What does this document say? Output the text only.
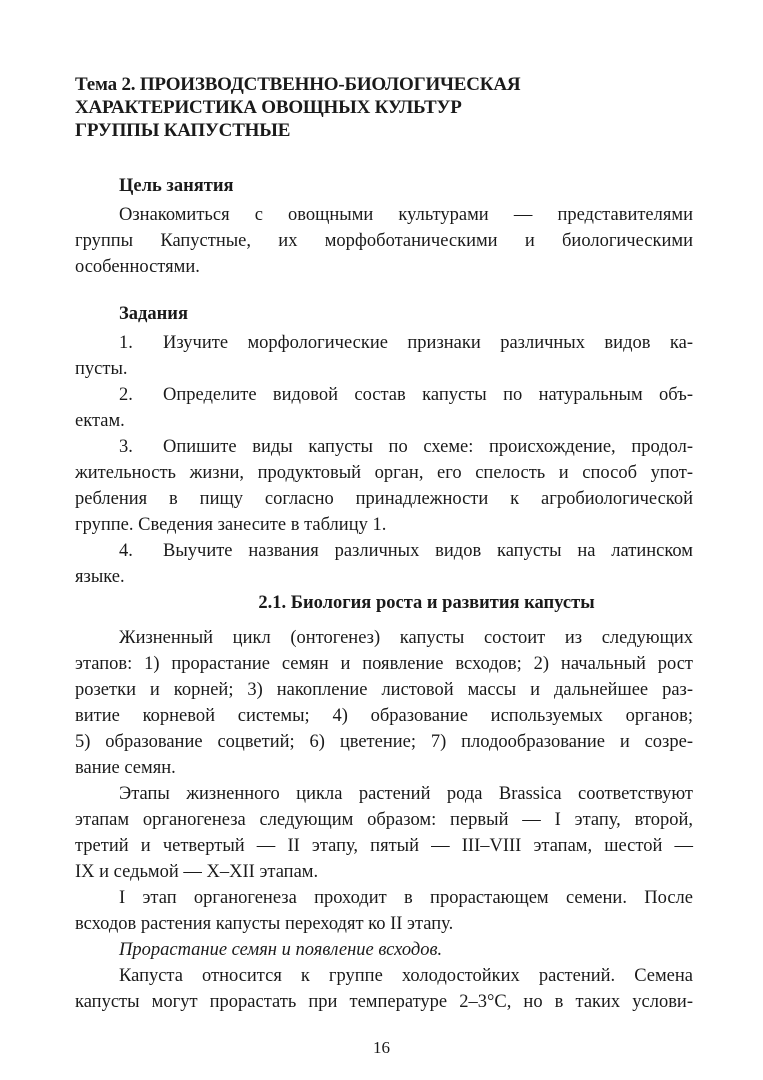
Тема 2. ПРОИЗВОДСТВЕННО-БИОЛОГИЧЕСКАЯ
ХАРАКТЕРИСТИКА ОВОЩНЫХ КУЛЬТУР
ГРУППЫ КАПУСТНЫЕ
Цель занятия
Ознакомиться с овощными культурами — представителями
группы Капустные, их морфоботаническими и биологическими
особенностями.
Задания
1. Изучите морфологические признаки различных видов ка-
пусты.
2. Определите видовой состав капусты по натуральным объ-
ектам.
3. Опишите виды капусты по схеме: происхождение, продол-
жительность жизни, продуктовый орган, его спелость и способ упот-
ребления в пищу согласно принадлежности к агробиологической
группе. Сведения занесите в таблицу 1.
4. Выучите названия различных видов капусты на латинском
языке.
2.1. Биология роста и развития капусты
Жизненный цикл (онтогенез) капусты состоит из следующих
этапов: 1) прорастание семян и появление всходов; 2) начальный рост
розетки и корней; 3) накопление листовой массы и дальнейшее раз-
витие корневой системы; 4) образование используемых органов;
5) образование соцветий; 6) цветение; 7) плодообразование и созре-
вание семян.
Этапы жизненного цикла растений рода Brassica соответствуют
этапам органогенеза следующим образом: первый — I этапу, второй,
третий и четвертый — II этапу, пятый — III–VIII этапам, шестой —
IX и седьмой — X–XII этапам.
I этап органогенеза проходит в прорастающем семени. После
всходов растения капусты переходят ко II этапу.
Прорастание семян и появление всходов.
Капуста относится к группе холодостойких растений. Семена
капусты могут прорастать при температуре 2–3°С, но в таких услови-
16
